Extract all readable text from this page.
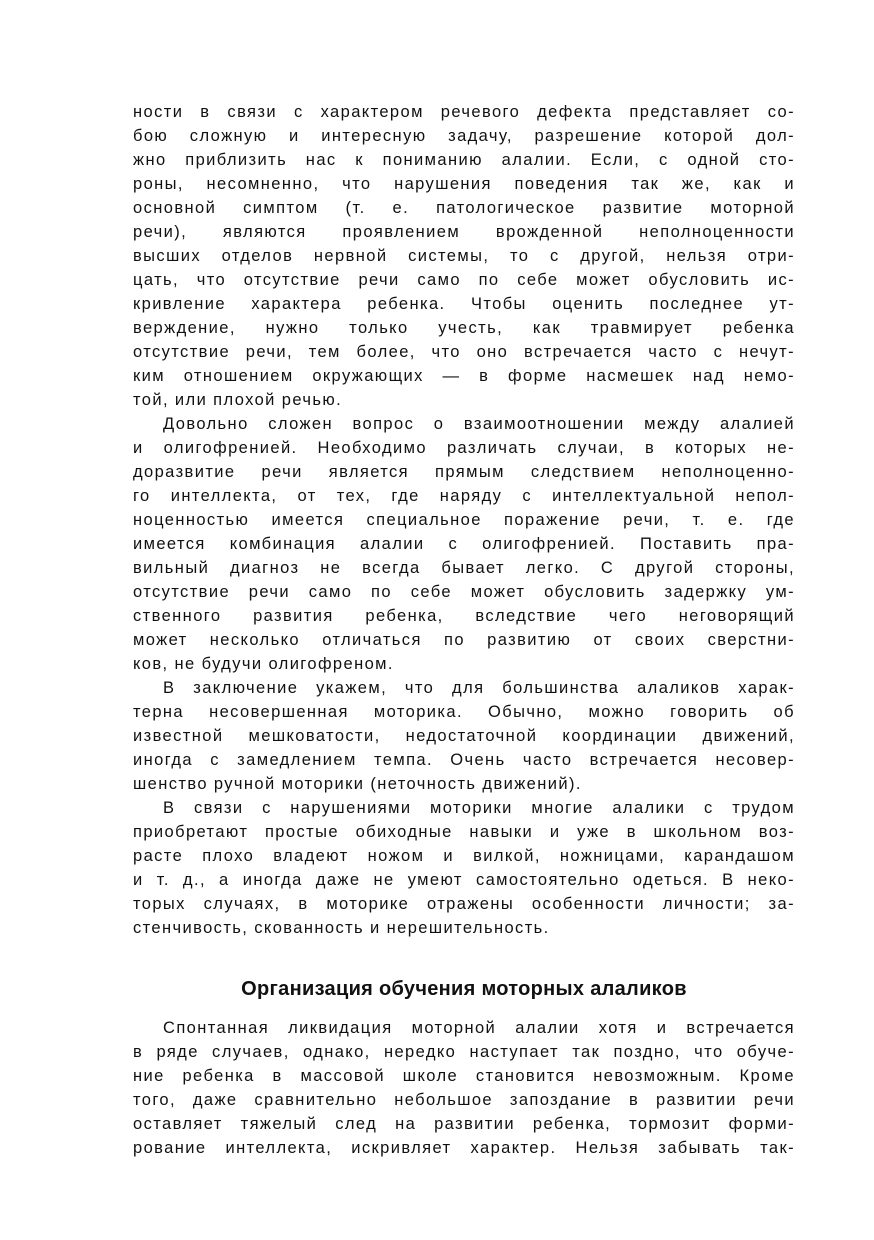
ности в связи с характером речевого дефекта представляет со-
бою сложную и интересную задачу, разрешение которой дол-
жно приблизить нас к пониманию алалии. Если, с одной сто-
роны, несомненно, что нарушения поведения так же, как и
основной симптом (т. е. патологическое развитие моторной
речи), являются проявлением врожденной неполноценности
высших отделов нервной системы, то с другой, нельзя отри-
цать, что отсутствие речи само по себе может обусловить ис-
кривление характера ребенка. Чтобы оценить последнее ут-
верждение, нужно только учесть, как травмирует ребенка
отсутствие речи, тем более, что оно встречается часто с нечут-
ким отношением окружающих — в форме насмешек над немо-
той, или плохой речью.
Довольно сложен вопрос о взаимоотношении между алалией
и олигофренией. Необходимо различать случаи, в которых не-
доразвитие речи является прямым следствием неполноценно-
го интеллекта, от тех, где наряду с интеллектуальной непол-
ноценностью имеется специальное поражение речи, т. е. где
имеется комбинация алалии с олигофренией. Поставить пра-
вильный диагноз не всегда бывает легко. С другой стороны,
отсутствие речи само по себе может обусловить задержку ум-
ственного развития ребенка, вследствие чего неговорящий
может несколько отличаться по развитию от своих сверстни-
ков, не будучи олигофреном.
В заключение укажем, что для большинства алаликов харак-
терна несовершенная моторика. Обычно, можно говорить об
известной мешковатости, недостаточной координации движений,
иногда с замедлением темпа. Очень часто встречается несовер-
шенство ручной моторики (неточность движений).
В связи с нарушениями моторики многие алалики с трудом
приобретают простые обиходные навыки и уже в школьном воз-
расте плохо владеют ножом и вилкой, ножницами, карандашом
и т. д., а иногда даже не умеют самостоятельно одеться. В неко-
торых случаях, в моторике отражены особенности личности; за-
стенчивость, скованность и нерешительность.
Организация обучения моторных алаликов
Спонтанная ликвидация моторной алалии хотя и встречается
в ряде случаев, однако, нередко наступает так поздно, что обуче-
ние ребенка в массовой школе становится невозможным. Кроме
того, даже сравнительно небольшое запоздание в развитии речи
оставляет тяжелый след на развитии ребенка, тормозит форми-
рование интеллекта, искривляет характер. Нельзя забывать так-
